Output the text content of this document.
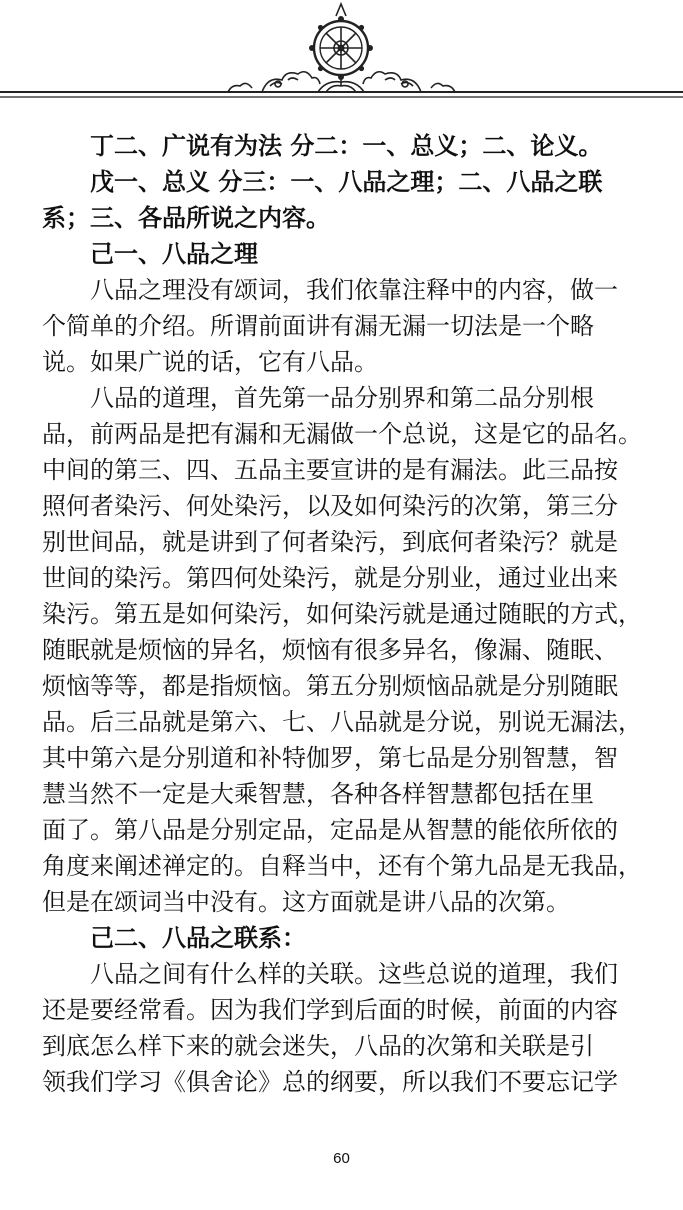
丁二、广说有为法 分二：一、总义；二、论义。
戊一、总义 分三：一、八品之理；二、八品之联
系；三、各品所说之内容。
己一、八品之理
八品之理没有颂词，我们依靠注释中的内容，做一
个简单的介绍。所谓前面讲有漏无漏一切法是一个略
说。如果广说的话，它有八品。
八品的道理，首先第一品分别界和第二品分别根
品，前两品是把有漏和无漏做一个总说，这是它的品名。
中间的第三、四、五品主要宣讲的是有漏法。此三品按
照何者染污、何处染污，以及如何染污的次第，第三分
别世间品，就是讲到了何者染污，到底何者染污？就是
世间的染污。第四何处染污，就是分别业，通过业出来
染污。第五是如何染污，如何染污就是通过随眠的方式，
随眠就是烦恼的异名，烦恼有很多异名，像漏、随眠、
烦恼等等，都是指烦恼。第五分别烦恼品就是分别随眠
品。后三品就是第六、七、八品就是分说，别说无漏法，
其中第六是分别道和补特伽罗，第七品是分别智慧，智
慧当然不一定是大乘智慧，各种各样智慧都包括在里
面了。第八品是分别定品，定品是从智慧的能依所依的
角度来阐述禅定的。自释当中，还有个第九品是无我品，
但是在颂词当中没有。这方面就是讲八品的次第。
己二、八品之联系：
八品之间有什么样的关联。这些总说的道理，我们
还是要经常看。因为我们学到后面的时候，前面的内容
到底怎么样下来的就会迷失，八品的次第和关联是引
领我们学习《俱舍论》总的纲要，所以我们不要忘记学
60
